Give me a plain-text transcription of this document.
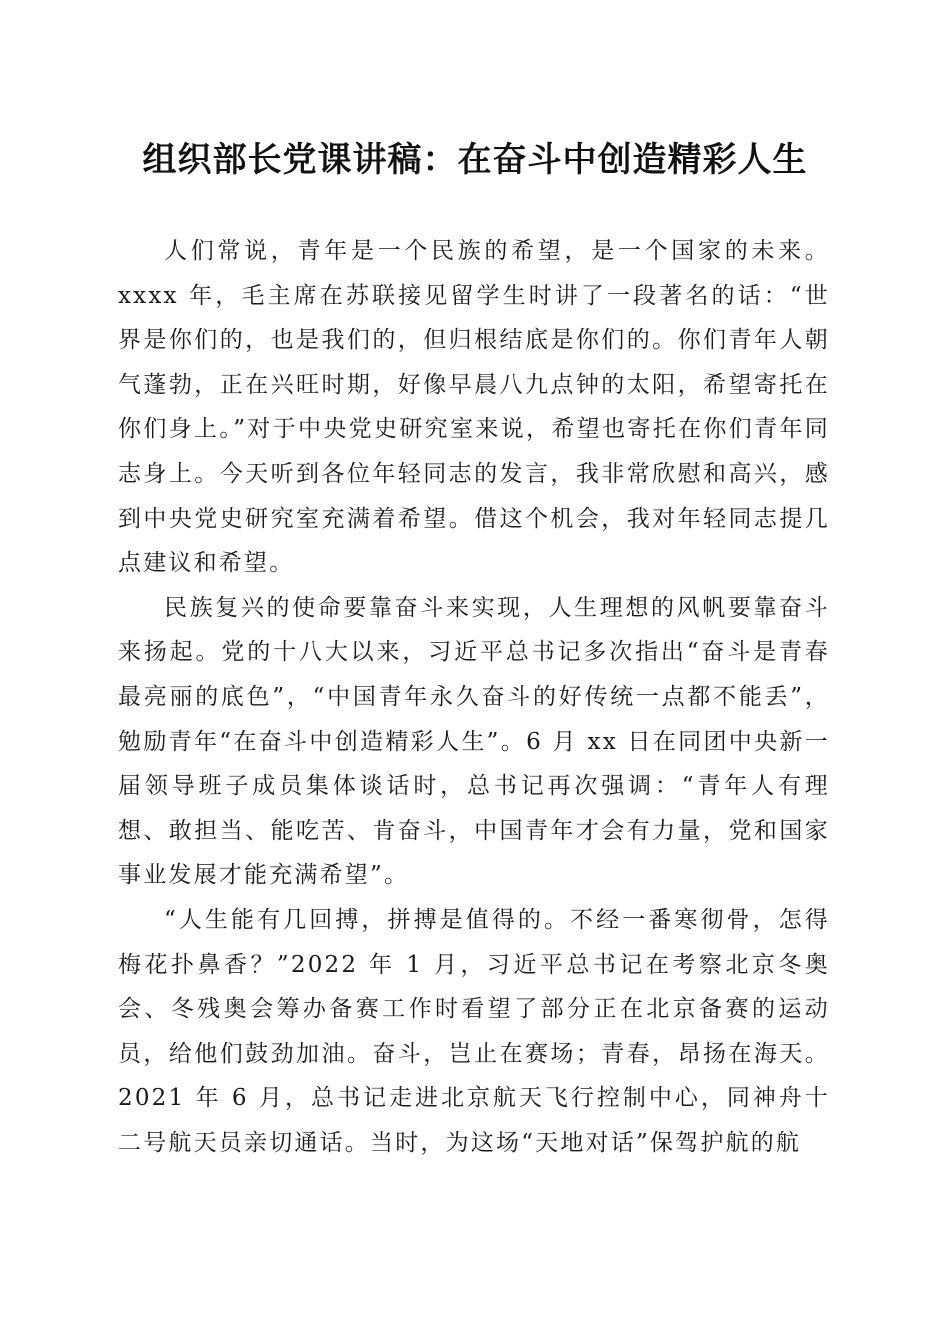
组织部长党课讲稿：在奋斗中创造精彩人生

人们常说，青年是一个民族的希望，是一个国家的未来。xxxx 年，毛主席在苏联接见留学生时讲了一段著名的话：“世界是你们的，也是我们的，但归根结底是你们的。你们青年人朝气蓬勃，正在兴旺时期，好像早晨八九点钟的太阳，希望寄托在你们身上。”对于中央党史研究室来说，希望也寄托在你们青年同志身上。今天听到各位年轻同志的发言，我非常欣慰和高兴，感到中央党史研究室充满着希望。借这个机会，我对年轻同志提几点建议和希望。

民族复兴的使命要靠奋斗来实现，人生理想的风帆要靠奋斗来扬起。党的十八大以来，习近平总书记多次指出“奋斗是青春最亮丽的底色”，“中国青年永久奋斗的好传统一点都不能丢”，勉励青年“在奋斗中创造精彩人生”。6 月 xx 日在同团中央新一届领导班子成员集体谈话时，总书记再次强调：“青年人有理想、敢担当、能吃苦、肯奋斗，中国青年才会有力量，党和国家事业发展才能充满希望”。

“人生能有几回搏，拼搏是值得的。不经一番寒彻骨，怎得梅花扑鼻香？”2022 年 1 月，习近平总书记在考察北京冬奥会、冬残奥会筹办备赛工作时看望了部分正在北京备赛的运动员，给他们鼓劲加油。奋斗，岂止在赛场；青春，昂扬在海天。2021 年 6 月，总书记走进北京航天飞行控制中心，同神舟十二号航天员亲切通话。当时，为这场“天地对话”保驾护航的航
